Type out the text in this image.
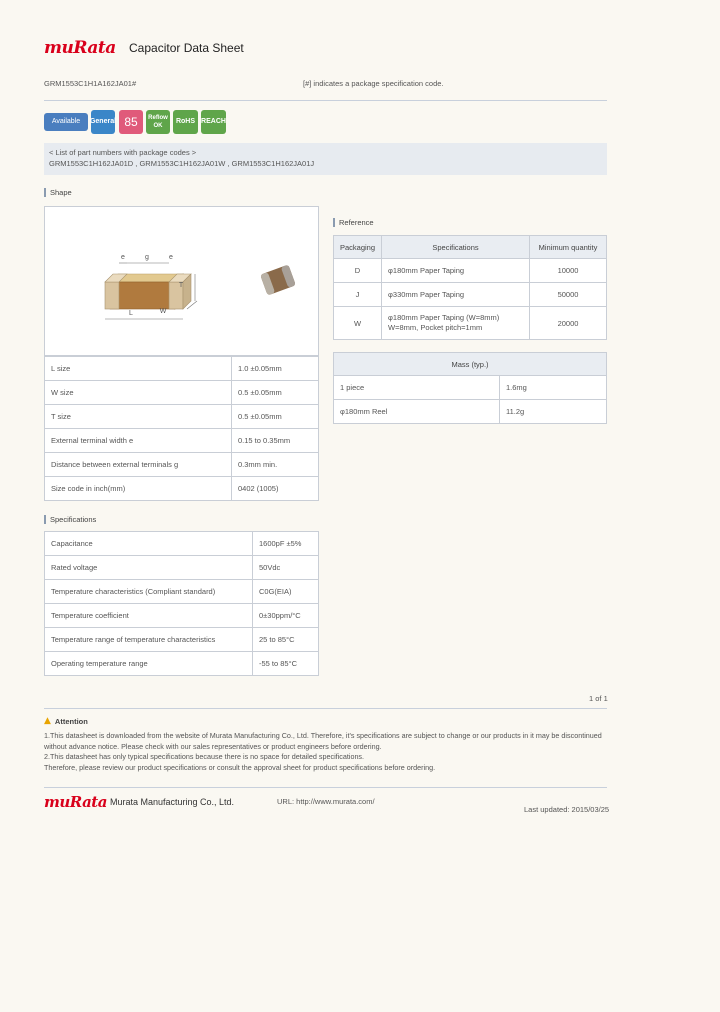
muRata Capacitor Data Sheet
GRM1553C1H1A162JA01#	[#] indicates a package specification code.
Available	General 85	Reflow OK
RoHS REACH
< List of part numbers with package codes >
GRM1553C1H162JA01D , GRM1553C1H162JA01W , GRM1553C1H162JA01J
Shape
e	g	e
T
L	W
L size	1.0 ±0.05mm
W size	0.5 ±0.05mm
T size	0.5 ±0.05mm
External terminal width e	0.15 to 0.35mm
Distance between external terminals g	0.3mm min.
Size code in inch(mm)	0402 (1005)
Reference
Packaging	Specifications	Minimum quantity
D	φ180mm Paper Taping	10000
J	φ330mm Paper Taping	50000
W	φ180mm Paper Taping (W=8mm)
W=8mm, Pocket pitch=1mm	20000
Mass (typ.)	
1 piece	1.6mg
φ180mm Reel	11.2g
Specifications
Capacitance	1600pF ±5%
Rated voltage	50Vdc
Temperature characteristics (Compliant standard)	C0G(EIA)
Temperature coefficient	0±30ppm/°C
Temperature range of temperature characteristics	25 to 85°C
Operating temperature range	-55 to 85°C
1 of 1
▲ Attention
1.This datasheet is downloaded from the website of Murata Manufacturing Co., Ltd. Therefore, it's specifications are subject to change or our products in it may be discontinued
without advance notice. Please check with our sales representatives or product engineers before ordering.
2.This datasheet has only typical specifications because there is no space for detailed specifications.
Therefore, please review our product specifications or consult the approval sheet for product specifications before ordering.
muRata Murata Manufacturing Co., Ltd.	URL: http://www.murata.com/
Last updated: 2015/03/25
